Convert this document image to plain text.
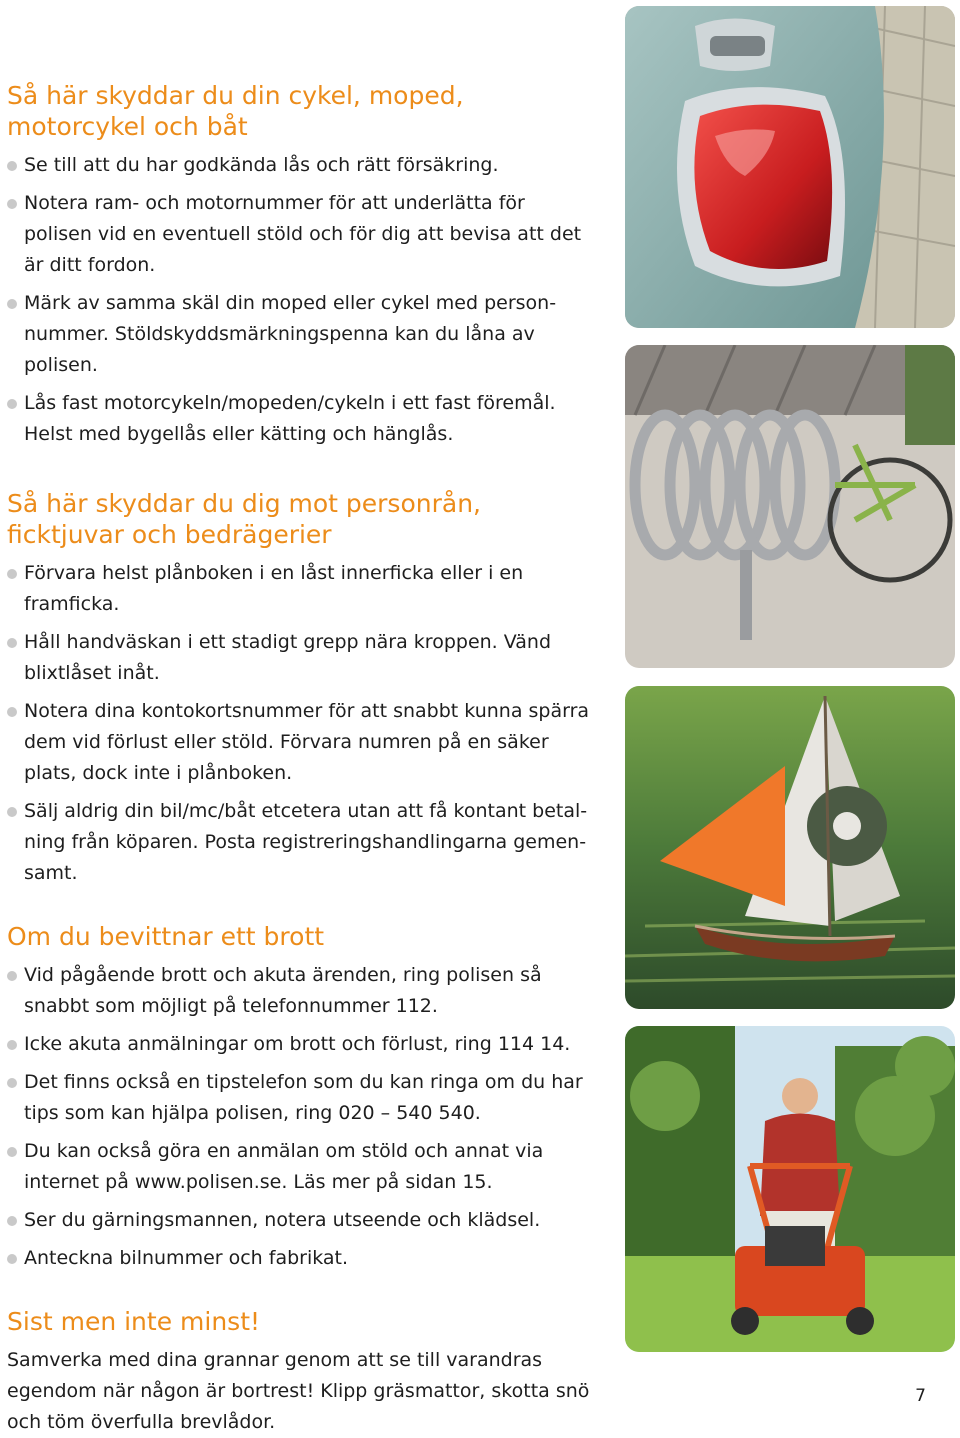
Så här skyddar du din cykel, moped, motorcykel och båt
Se till att du har godkända lås och rätt försäkring.
Notera ram- och motornummer för att underlätta för polisen vid en eventuell stöld och för dig att bevisa att det är ditt fordon.
Märk av samma skäl din moped eller cykel med person- nummer. Stöldskyddsmärkningspenna kan du låna av polisen.
Lås fast motorcykeln/mopeden/cykeln i ett fast föremål. Helst med bygellås eller kätting och hänglås.
Så här skyddar du dig mot personrån, ficktjuvar och bedrägerier
Förvara helst plånboken i en låst innerficka eller i en framficka.
Håll handväskan i ett stadigt grepp nära kroppen. Vänd blixtlåset inåt.
Notera dina kontokortsnummer för att snabbt kunna spärra dem vid förlust eller stöld. Förvara numren på en säker plats, dock inte i plånboken.
Sälj aldrig din bil/mc/båt etcetera utan att få kontant betal- ning från köparen. Posta registreringshandlingarna gemen- samt.
Om du bevittnar ett brott
Vid pågående brott och akuta ärenden, ring polisen så snabbt som möjligt på telefonnummer 112.
Icke akuta anmälningar om brott och förlust, ring 114 14.
Det finns också en tipstelefon som du kan ringa om du har tips som kan hjälpa polisen, ring 020 – 540 540.
Du kan också göra en anmälan om stöld och annat via internet på www.polisen.se. Läs mer på sidan 15.
Ser du gärningsmannen, notera utseende och klädsel.
Anteckna bilnummer och fabrikat.
Sist men inte minst!

Samverka med dina grannar genom att se till varandras egendom när någon är bortrest! Klipp gräsmattor, skotta snö och töm överfulla brevlådor.

7
